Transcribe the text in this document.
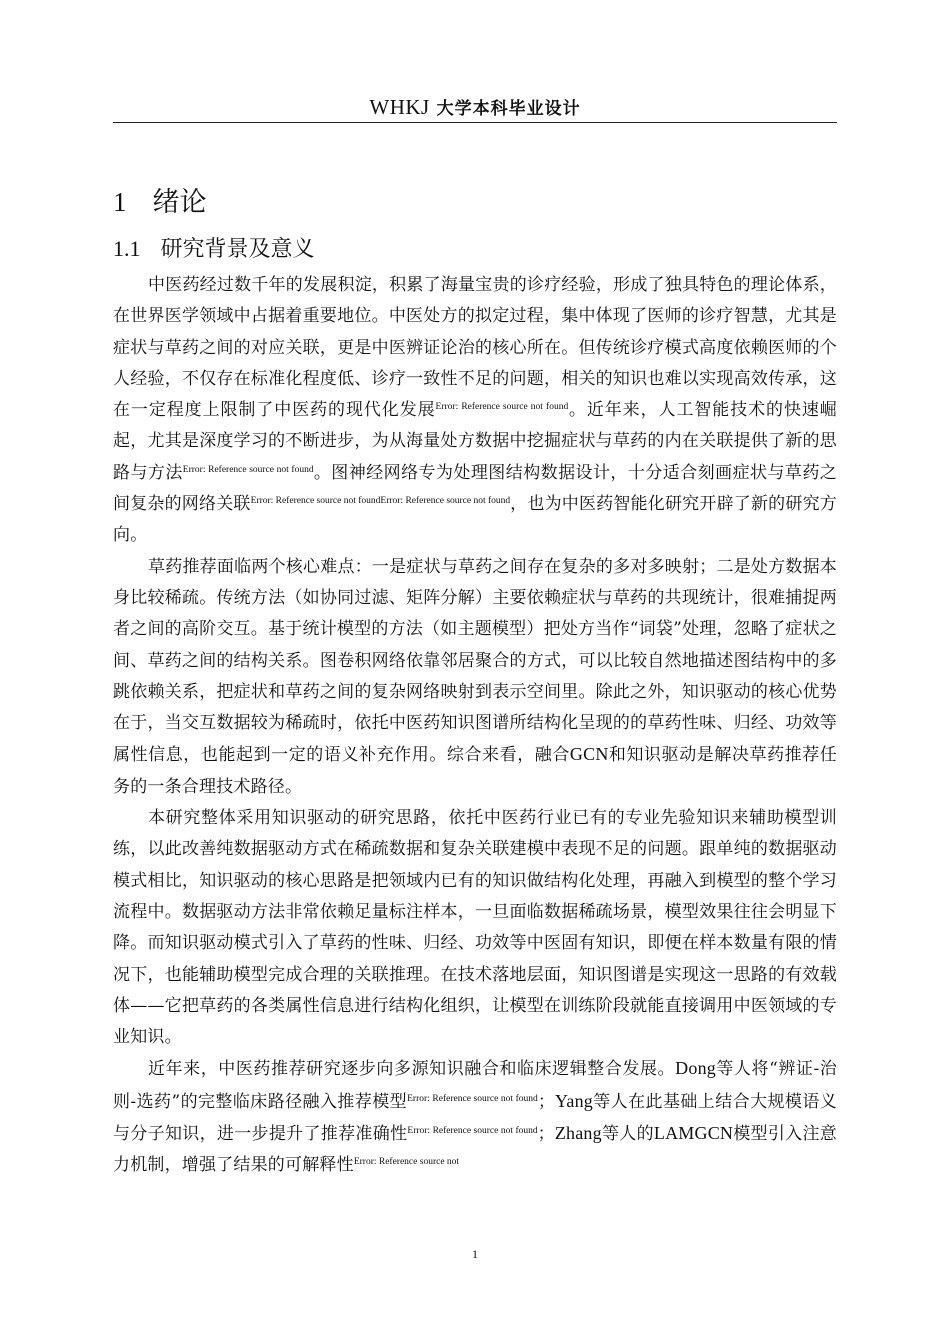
WHKJ 大学本科毕业设计
1 绪论
1.1 研究背景及意义

中医药经过数千年的发展积淀，积累了海量宝贵的诊疗经验，形成了独具特色的理论体系，在世界医学领域中占据着重要地位。中医处方的拟定过程，集中体现了医师的诊疗智慧，尤其是症状与草药之间的对应关联，更是中医辨证论治的核心所在。但传统诊疗模式高度依赖医师的个人经验，不仅存在标准化程度低、诊疗一致性不足的问题，相关的知识也难以实现高效传承，这在一定程度上限制了中医药的现代化发展$^{Error: Reference source not found}$。近年来，人工智能技术的快速崛起，尤其是深度学习的不断进步，为从海量处方数据中挖掘症状与草药的内在关联提供了新的思路与方法$^{Error: Reference source not found}$。图神经网络专为处理图结构数据设计，十分适合刻画症状与草药之间复杂的网络关联$^{Error: Reference source not foundError: Reference source not found}$，也为中医药智能化研究开辟了新的研究方向。

草药推荐面临两个核心难点：一是症状与草药之间存在复杂的多对多映射；二是处方数据本身比较稀疏。传统方法（如协同过滤、矩阵分解）主要依赖症状与草药的共现统计，很难捕捉两者之间的高阶交互。基于统计模型的方法（如主题模型）把处方当作“词袋”处理，忽略了症状之间、草药之间的结构关系。图卷积网络依靠邻居聚合的方式，可以比较自然地描述图结构中的多跳依赖关系，把症状和草药之间的复杂网络映射到表示空间里。除此之外，知识驱动的核心优势在于，当交互数据较为稀疏时，依托中医药知识图谱所结构化呈现的的草药性味、归经、功效等属性信息，也能起到一定的语义补充作用。综合来看，融合GCN和知识驱动是解决草药推荐任务的一条合理技术路径。

本研究整体采用知识驱动的研究思路，依托中医药行业已有的专业先验知识来辅助模型训练，以此改善纯数据驱动方式在稀疏数据和复杂关联建模中表现不足的问题。跟单纯的数据驱动模式相比，知识驱动的核心思路是把领域内已有的知识做结构化处理，再融入到模型的整个学习流程中。数据驱动方法非常依赖足量标注样本，一旦面临数据稀疏场景，模型效果往往会明显下降。而知识驱动模式引入了草药的性味、归经、功效等中医固有知识，即便在样本数量有限的情况下，也能辅助模型完成合理的关联推理。在技术落地层面，知识图谱是实现这一思路的有效载体——它把草药的各类属性信息进行结构化组织，让模型在训练阶段就能直接调用中医领域的专业知识。

近年来，中医药推荐研究逐步向多源知识融合和临床逻辑整合发展。Dong等人将“辨证-治则-选药”的完整临床路径融入推荐模型$^{Error: Reference source not found}$；Yang等人在此基础上结合大规模语义与分子知识，进一步提升了推荐准确性$^{Error: Reference source not found}$；Zhang等人的LAMGCN模型引入注意力机制，增强了结果的可解释性$^{Error: Reference source not}$

1
